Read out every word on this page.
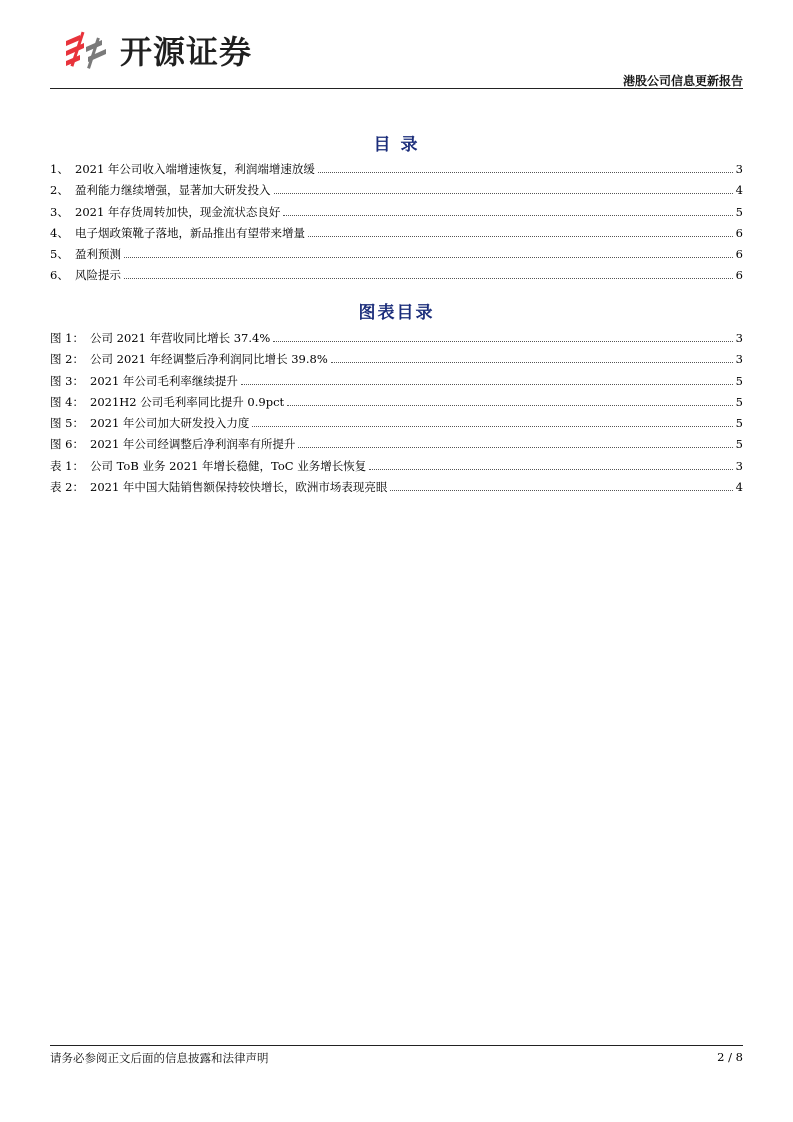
开源证券
港股公司信息更新报告
目 录
1、 2021 年公司收入端增速恢复，利润端增速放缓	3
2、 盈利能力继续增强，显著加大研发投入	4
3、 2021 年存货周转加快，现金流状态良好	5
4、 电子烟政策靴子落地，新品推出有望带来增量	6
5、 盈利预测	6
6、 风险提示	6
图表目录
图 1： 公司 2021 年营收同比增长 37.4%	3
图 2： 公司 2021 年经调整后净利润同比增长 39.8%	3
图 3： 2021 年公司毛利率继续提升	5
图 4： 2021H2 公司毛利率同比提升 0.9pct	5
图 5： 2021 年公司加大研发投入力度	5
图 6： 2021 年公司经调整后净利润率有所提升	5
表 1： 公司 ToB 业务 2021 年增长稳健，ToC 业务增长恢复	3
表 2： 2021 年中国大陆销售额保持较快增长，欧洲市场表现亮眼	4
请务必参阅正文后面的信息披露和法律声明	2 / 8
